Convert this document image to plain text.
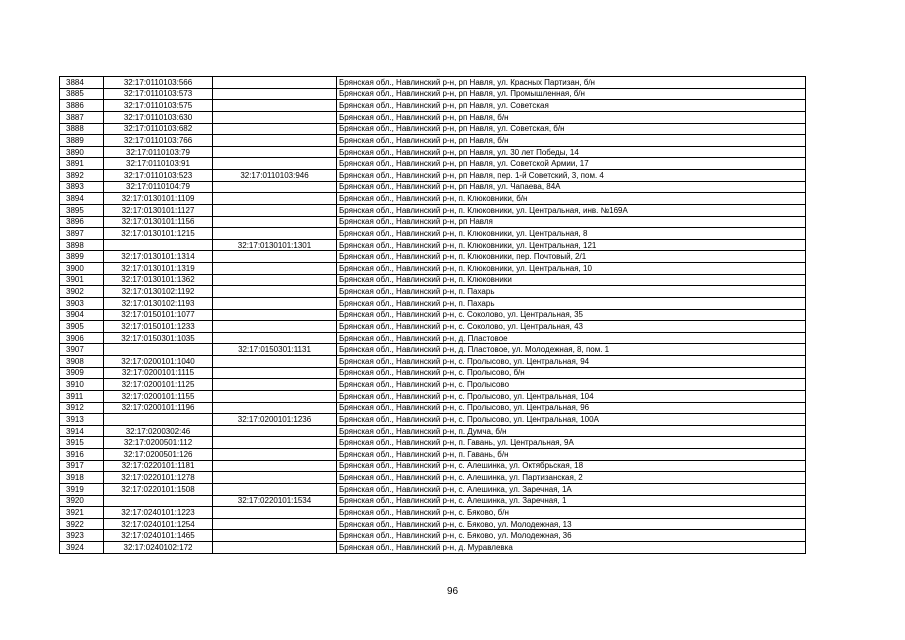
3884	32:17:0110103:566		Брянская обл., Навлинский р-н, рп Навля, ул. Красных Партизан, б/н
3885	32:17:0110103:573		Брянская обл., Навлинский р-н, рп Навля, ул. Промышленная, б/н
3886	32:17:0110103:575		Брянская обл., Навлинский р-н, рп Навля, ул. Советская
3887	32:17:0110103:630		Брянская обл., Навлинский р-н, рп Навля, б/н
3888	32:17:0110103:682		Брянская обл., Навлинский р-н, рп Навля, ул. Советская, б/н
3889	32:17:0110103:766		Брянская обл., Навлинский р-н, рп Навля, б/н
3890	32:17:0110103:79		Брянская обл., Навлинский р-н, рп Навля, ул. 30 лет Победы, 14
3891	32:17:0110103:91		Брянская обл., Навлинский р-н, рп Навля, ул. Советской Армии, 17
3892	32:17:0110103:523	32:17:0110103:946	Брянская обл., Навлинский р-н, рп Навля, пер. 1-й Советский, 3, пом. 4
3893	32:17:0110104:79		Брянская обл., Навлинский р-н, рп Навля, ул. Чапаева, 84А
3894	32:17:0130101:1109		Брянская обл., Навлинский р-н, п. Клюковники, б/н
3895	32:17:0130101:1127		Брянская обл., Навлинский р-н, п. Клюковники, ул. Центральная, инв. №169А
3896	32:17:0130101:1156		Брянская обл., Навлинский р-н, рп Навля
3897	32:17:0130101:1215		Брянская обл., Навлинский р-н, п. Клюковники, ул. Центральная, 8
3898		32:17:0130101:1301	Брянская обл., Навлинский р-н, п. Клюковники, ул. Центральная, 121
3899	32:17:0130101:1314		Брянская обл., Навлинский р-н, п. Клюковники, пер. Почтовый, 2/1
3900	32:17:0130101:1319		Брянская обл., Навлинский р-н, п. Клюковники, ул. Центральная, 10
3901	32:17:0130101:1362		Брянская обл., Навлинский р-н, п. Клюковники
3902	32:17:0130102:1192		Брянская обл., Навлинский р-н, п. Пахарь
3903	32:17:0130102:1193		Брянская обл., Навлинский р-н, п. Пахарь
3904	32:17:0150101:1077		Брянская обл., Навлинский р-н, с. Соколово, ул. Центральная, 35
3905	32:17:0150101:1233		Брянская обл., Навлинский р-н, с. Соколово, ул. Центральная, 43
3906	32:17:0150301:1035		Брянская обл., Навлинский р-н, д. Пластовое
3907		32:17:0150301:1131	Брянская обл., Навлинский р-н, д. Пластовое, ул. Молодежная, 8, пом. 1
3908	32:17:0200101:1040		Брянская обл., Навлинский р-н, с. Пролысово, ул. Центральная, 94
3909	32:17:0200101:1115		Брянская обл., Навлинский р-н, с. Пролысово, б/н
3910	32:17:0200101:1125		Брянская обл., Навлинский р-н, с. Пролысово
3911	32:17:0200101:1155		Брянская обл., Навлинский р-н, с. Пролысово, ул. Центральная, 104
3912	32:17:0200101:1196		Брянская обл., Навлинский р-н, с. Пролысово, ул. Центральная, 96
3913		32:17:0200101:1236	Брянская обл., Навлинский р-н, с. Пролысово, ул. Центральная, 100А
3914	32:17:0200302:46		Брянская обл., Навлинский р-н, п. Думча, б/н
3915	32:17:0200501:112		Брянская обл., Навлинский р-н, п. Гавань, ул. Центральная, 9А
3916	32:17:0200501:126		Брянская обл., Навлинский р-н, п. Гавань, б/н
3917	32:17:0220101:1181		Брянская обл., Навлинский р-н, с. Алешинка, ул. Октябрьская, 18
3918	32:17:0220101:1278		Брянская обл., Навлинский р-н, с. Алешинка, ул. Партизанская, 2
3919	32:17:0220101:1508		Брянская обл., Навлинский р-н, с. Алешинка, ул. Заречная, 1А
3920		32:17:0220101:1534	Брянская обл., Навлинский р-н, с. Алешинка, ул. Заречная, 1
3921	32:17:0240101:1223		Брянская обл., Навлинский р-н, с. Бяково, б/н
3922	32:17:0240101:1254		Брянская обл., Навлинский р-н, с. Бяково, ул. Молодежная, 13
3923	32:17:0240101:1465		Брянская обл., Навлинский р-н, с. Бяково, ул. Молодежная, 36
3924	32:17:0240102:172		Брянская обл., Навлинский р-н, д. Муравлевка
96
